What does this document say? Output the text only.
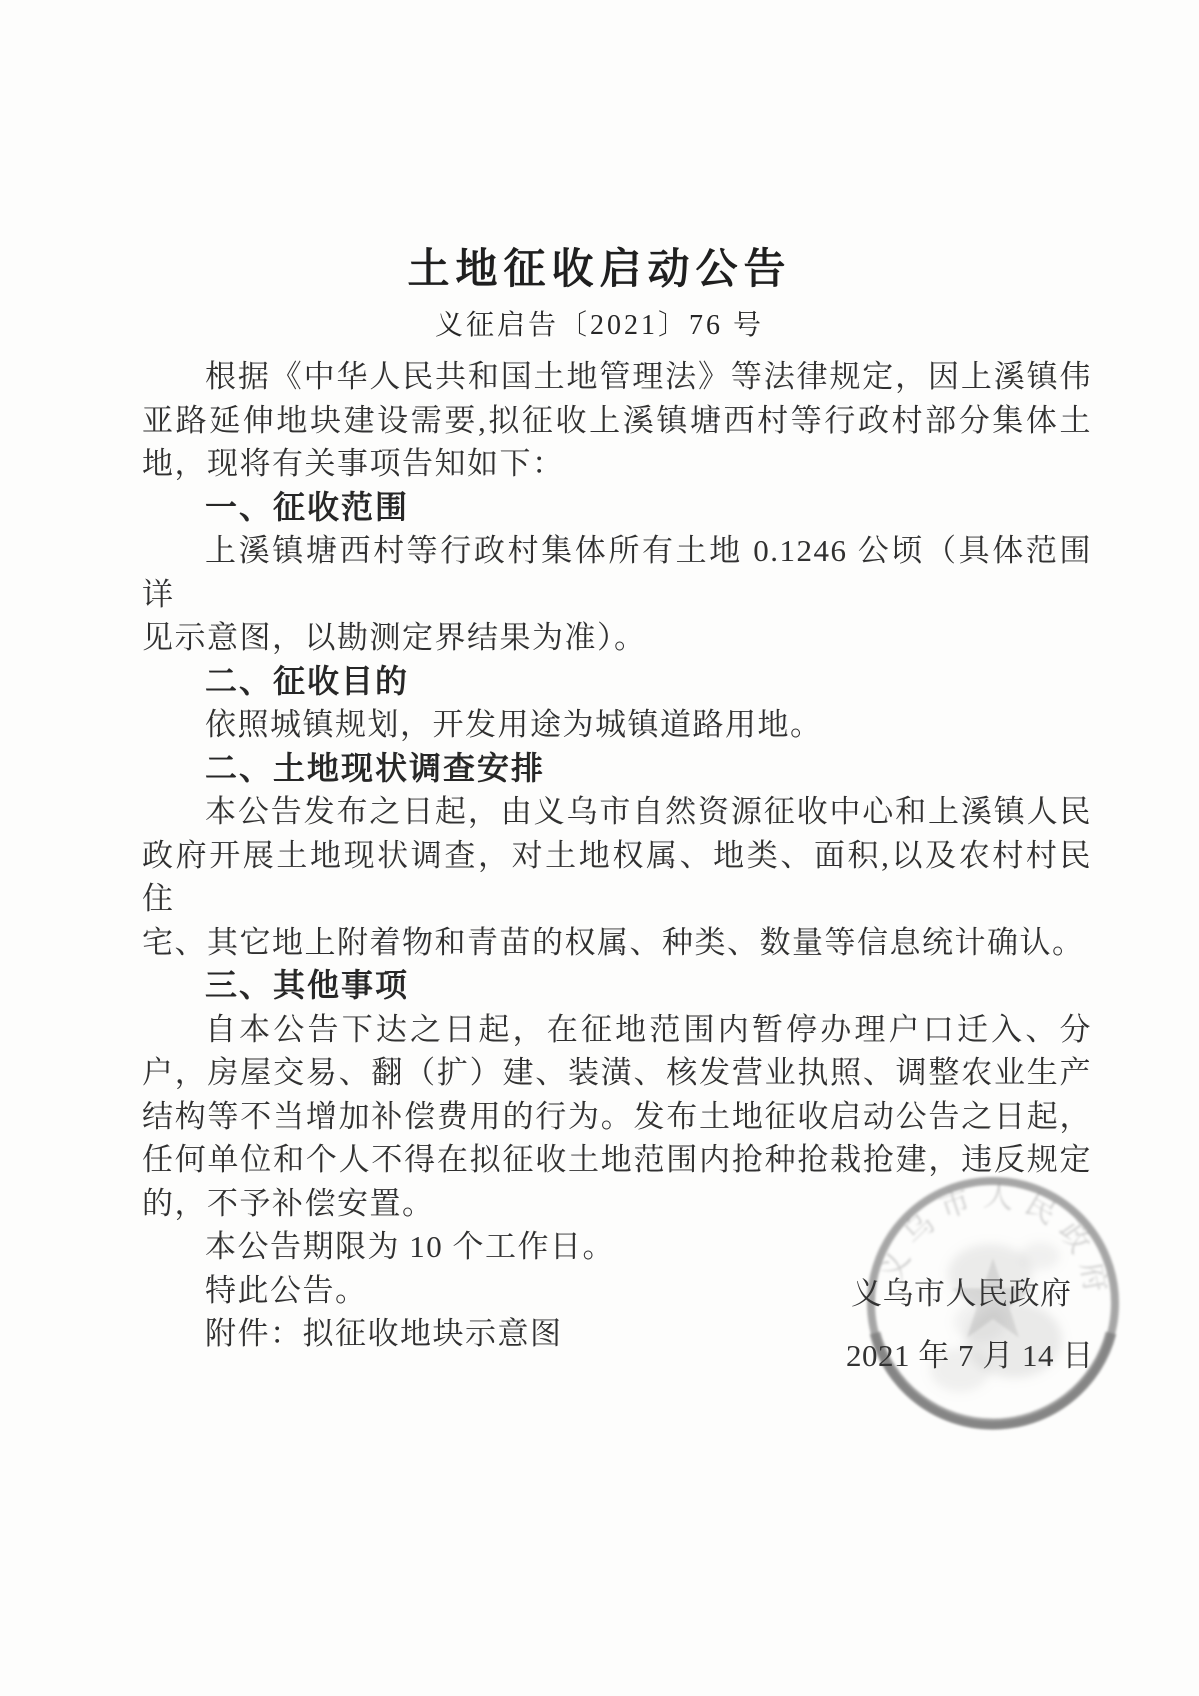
土地征收启动公告
义征启告〔2021〕76 号
根据《中华人民共和国土地管理法》等法律规定，因上溪镇伟
亚路延伸地块建设需要,拟征收上溪镇塘西村等行政村部分集体土
地，现将有关事项告知如下：
一、征收范围
上溪镇塘西村等行政村集体所有土地 0.1246 公顷（具体范围详
见示意图，以勘测定界结果为准）。
二、征收目的
依照城镇规划，开发用途为城镇道路用地。
二、土地现状调查安排
本公告发布之日起，由义乌市自然资源征收中心和上溪镇人民
政府开展土地现状调查，对土地权属、地类、面积,以及农村村民住
宅、其它地上附着物和青苗的权属、种类、数量等信息统计确认。
三、其他事项
自本公告下达之日起，在征地范围内暂停办理户口迁入、分
户，房屋交易、翻（扩）建、装潢、核发营业执照、调整农业生产
结构等不当增加补偿费用的行为。发布土地征收启动公告之日起，
任何单位和个人不得在拟征收土地范围内抢种抢栽抢建，违反规定
的，不予补偿安置。
本公告期限为 10 个工作日。
特此公告。
附件：拟征收地块示意图
义乌市人民政府
义乌市人民政府
2021 年 7 月 14 日
